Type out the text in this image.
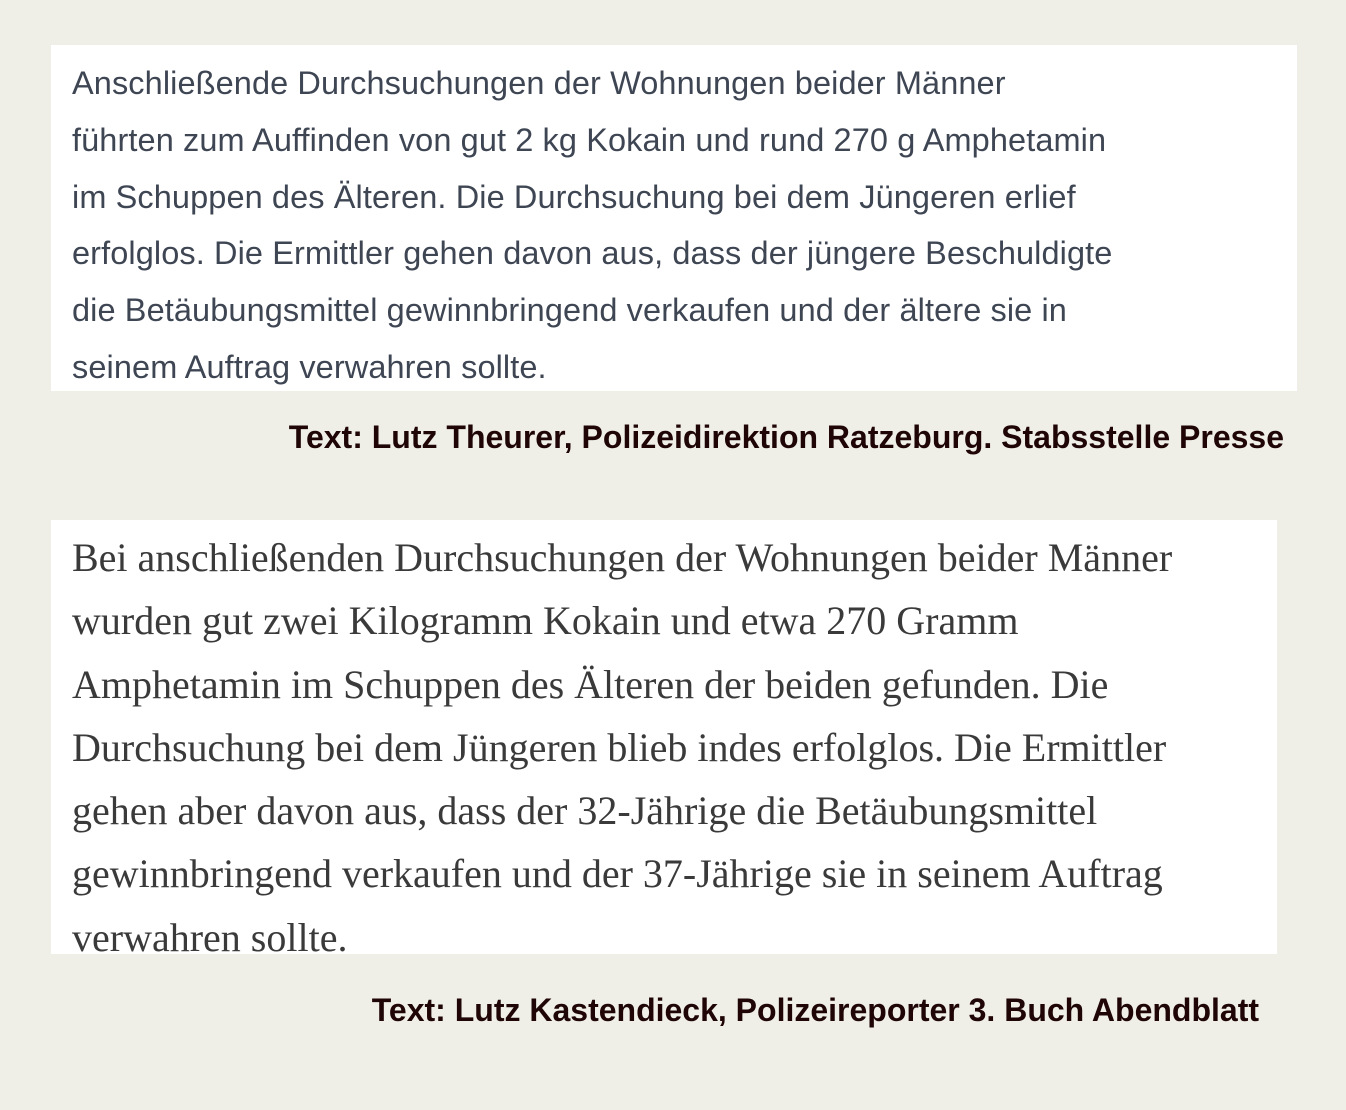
Anschließende Durchsuchungen der Wohnungen beider Männer
führten zum Auffinden von gut 2 kg Kokain und rund 270 g Amphetamin
im Schuppen des Älteren. Die Durchsuchung bei dem Jüngeren erlief
erfolglos. Die Ermittler gehen davon aus, dass der jüngere Beschuldigte
die Betäubungsmittel gewinnbringend verkaufen und der ältere sie in
seinem Auftrag verwahren sollte.
Text: Lutz Theurer, Polizeidirektion Ratzeburg. Stabsstelle Presse
Bei anschließenden Durchsuchungen der Wohnungen beider Männer
wurden gut zwei Kilogramm Kokain und etwa 270 Gramm
Amphetamin im Schuppen des Älteren der beiden gefunden. Die
Durchsuchung bei dem Jüngeren blieb indes erfolglos. Die Ermittler
gehen aber davon aus, dass der 32-Jährige die Betäubungsmittel
gewinnbringend verkaufen und der 37-Jährige sie in seinem Auftrag
verwahren sollte.
Text: Lutz Kastendieck, Polizeireporter 3. Buch Abendblatt
